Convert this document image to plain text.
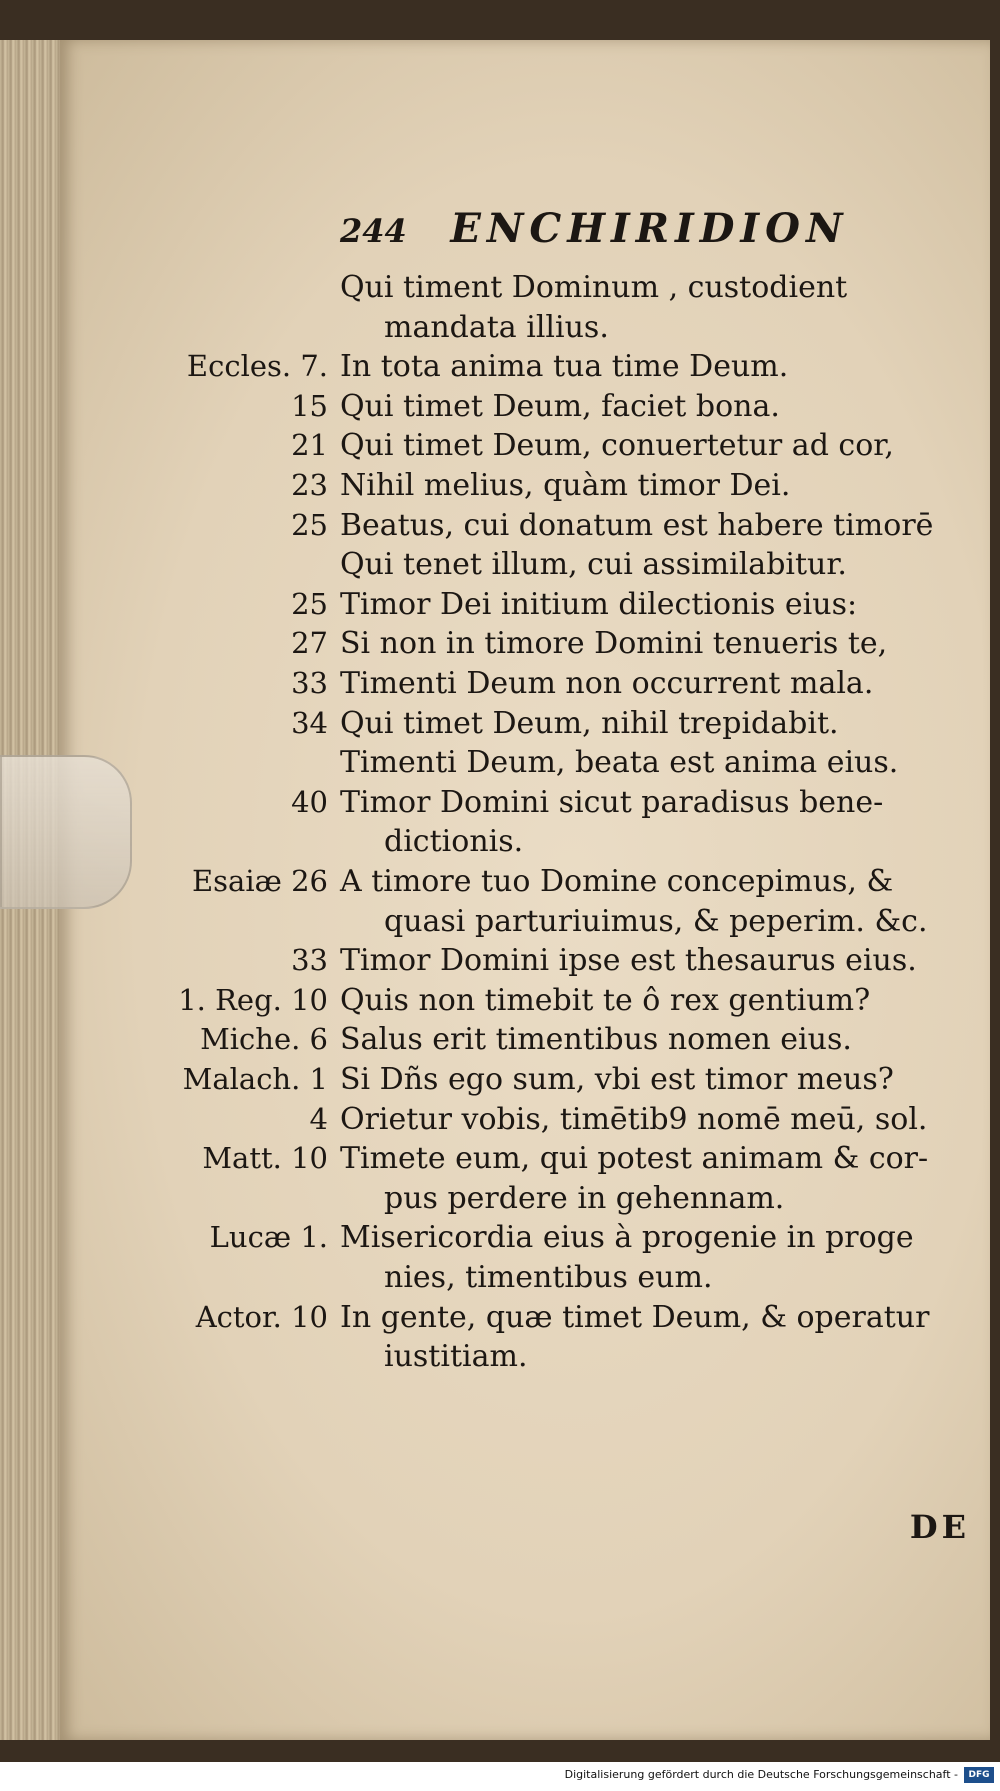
244 ENCHIRIDION
Qui timent Dominum , custodient
mandata illius.
Eccles. 7. In tota anima tua time Deum.
15 Qui timet Deum, faciet bona.
21 Qui timet Deum, conuertetur ad cor,
23 Nihil melius, quàm timor Dei.
25 Beatus, cui donatum est habere timorē
Qui tenet illum, cui assimilabitur.
25 Timor Dei initium dilectionis eius:
27 Si non in timore Domini tenueris te,
33 Timenti Deum non occurrent mala.
34 Qui timet Deum, nihil trepidabit.
Timenti Deum, beata est anima eius.
40 Timor Domini sicut paradisus bene-
dictionis.
Esaiæ 26 A timore tuo Domine concepimus, &
quasi parturiuimus, & peperim. &c.
33 Timor Domini ipse est thesaurus eius.
1. Reg. 10 Quis non timebit te ô rex gentium?
Miche. 6 Salus erit timentibus nomen eius.
Malach. 1 Si Dñs ego sum, vbi est timor meus?
4 Orietur vobis, timētib9 nomē meū, sol.
Matt. 10 Timete eum, qui potest animam & cor-
pus perdere in gehennam.
Lucæ 1. Misericordia eius à progenie in proge
nies, timentibus eum.
Actor. 10 In gente, quæ timet Deum, & operatur
iustitiam.
DE
Digitalisierung gefördert durch die Deutsche Forschungsgemeinschaft -	DFG
